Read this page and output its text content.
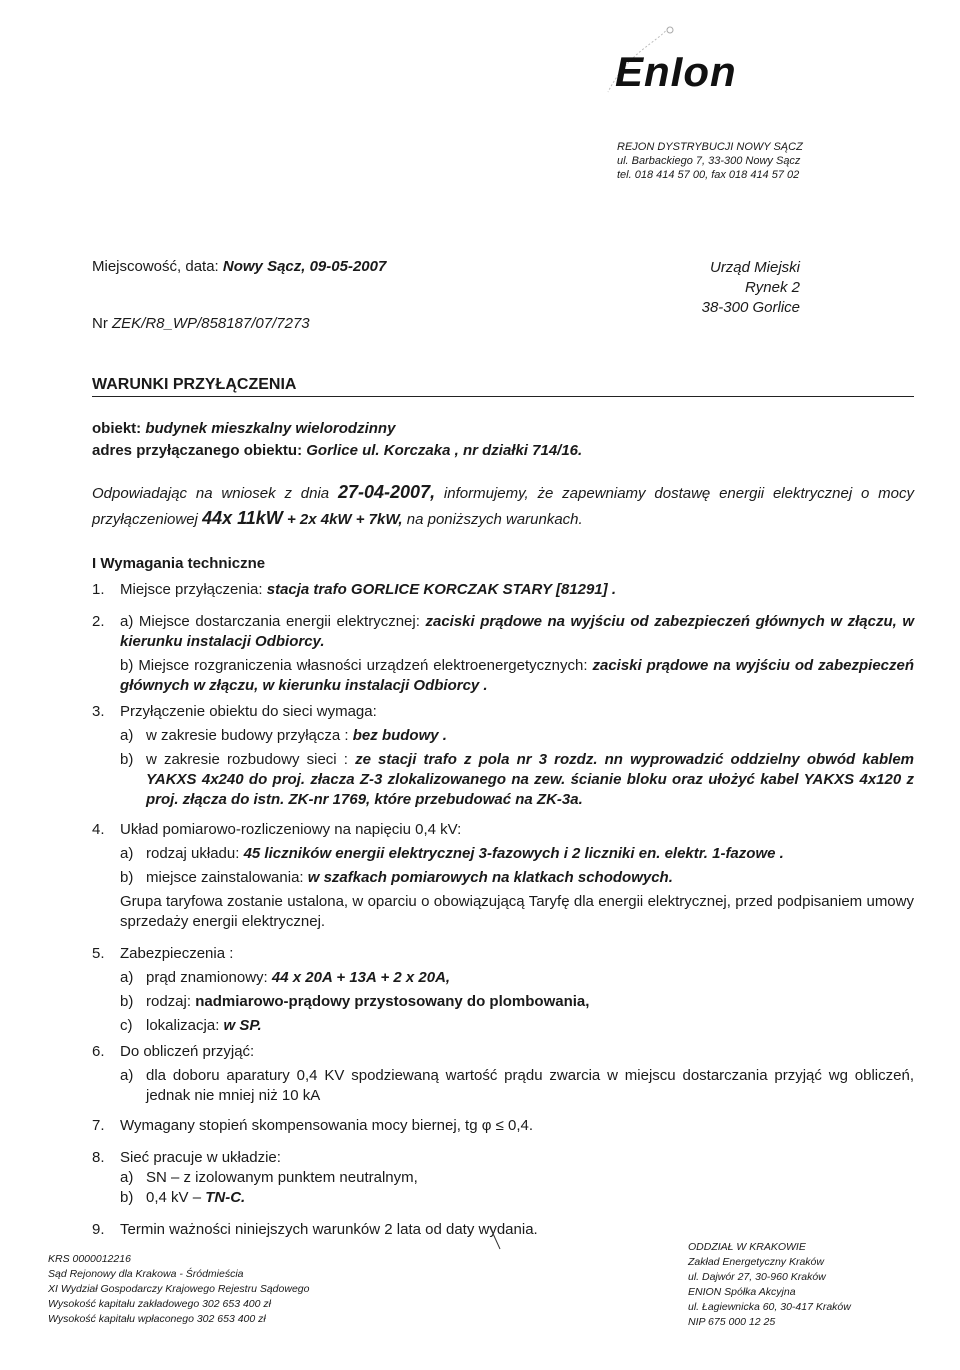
EnIon
REJON DYSTRYBUCJI NOWY SĄCZ
ul. Barbackiego 7, 33-300 Nowy Sącz
tel. 018 414 57 00, fax 018 414 57 02
Miejscowość, data: Nowy Sącz, 09-05-2007
Nr ZEK/R8_WP/858187/07/7273
Urząd Miejski
Rynek 2
38-300 Gorlice
WARUNKI PRZYŁĄCZENIA
obiekt: budynek mieszkalny wielorodzinny
adres przyłączanego obiektu: Gorlice ul. Korczaka , nr działki 714/16.
Odpowiadając na wniosek z dnia 27-04-2007, informujemy, że zapewniamy dostawę energii elektrycznej o mocy przyłączeniowej 44x 11kW + 2x 4kW + 7kW, na poniższych warunkach.
I Wymagania techniczne
1. Miejsce przyłączenia: stacja trafo GORLICE KORCZAK STARY [81291] .
2. a) Miejsce dostarczania energii elektrycznej: zaciski prądowe na wyjściu od zabezpieczeń głównych w złączu, w kierunku instalacji Odbiorcy.
b) Miejsce rozgraniczenia własności urządzeń elektroenergetycznych: zaciski prądowe na wyjściu od zabezpieczeń głównych w złączu, w kierunku instalacji Odbiorcy .
3. Przyłączenie obiektu do sieci wymaga:
a) w zakresie budowy przyłącza : bez budowy .
b) w zakresie rozbudowy sieci : ze stacji trafo z pola nr 3 rozdz. nn wyprowadzić oddzielny obwód kablem YAKXS 4x240 do proj. złacza Z-3 zlokalizowanego na zew. ścianie bloku oraz ułożyć kabel YAKXS 4x120 z proj. złącza do istn. ZK-nr 1769, które przebudować na ZK-3a.
4. Układ pomiarowo-rozliczeniowy na napięciu 0,4 kV:
a) rodzaj układu: 45 liczników energii elektrycznej 3-fazowych i 2 liczniki en. elektr. 1-fazowe .
b) miejsce zainstalowania: w szafkach pomiarowych na klatkach schodowych.
Grupa taryfowa zostanie ustalona, w oparciu o obowiązującą Taryfę dla energii elektrycznej, przed podpisaniem umowy sprzedaży energii elektrycznej.
5. Zabezpieczenia :
a) prąd znamionowy: 44 x 20A + 13A + 2 x 20A,
b) rodzaj: nadmiarowo-prądowy przystosowany do plombowania,
c) lokalizacja: w SP.
6. Do obliczeń przyjąć:
a) dla doboru aparatury 0,4 KV spodziewaną wartość prądu zwarcia w miejscu dostarczania przyjąć wg obliczeń, jednak nie mniej niż 10 kA
7. Wymagany stopień skompensowania mocy biernej, tg φ ≤ 0,4.
8. Sieć pracuje w układzie:
a) SN – z izolowanym punktem neutralnym,
b) 0,4 kV – TN-C.
9. Termin ważności niniejszych warunków 2 lata od daty wydania.
KRS 0000012216
Sąd Rejonowy dla Krakowa - Śródmieścia
XI Wydział Gospodarczy Krajowego Rejestru Sądowego
Wysokość kapitału zakładowego 302 653 400 zł
Wysokość kapitału wpłaconego 302 653 400 zł
ODDZIAŁ W KRAKOWIE
Zakład Energetyczny Kraków
ul. Dajwór 27, 30-960 Kraków
ENION Spółka Akcyjna
ul. Łagiewnicka 60, 30-417 Kraków
NIP 675 000 12 25
